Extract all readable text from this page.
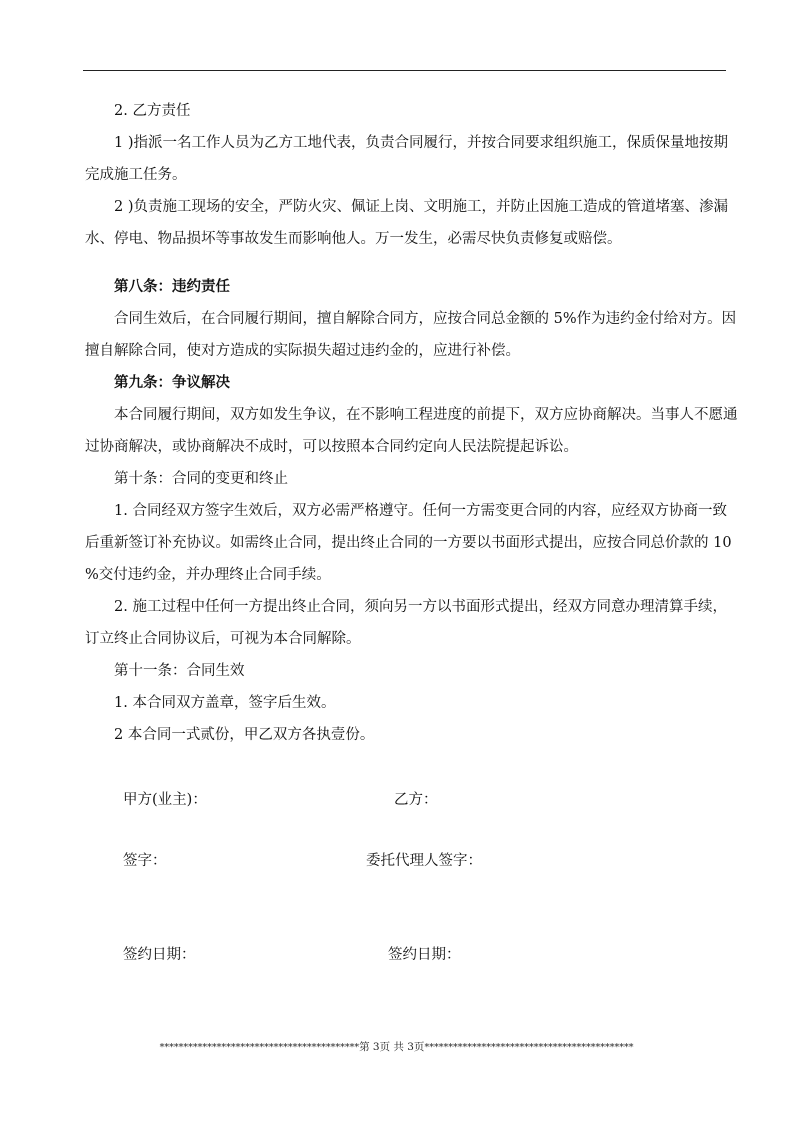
2. 乙方责任

1 )指派一名工作人员为乙方工地代表，负责合同履行，并按合同要求组织施工，保质保量地按期完成施工任务。

2 )负责施工现场的安全，严防火灾、佩证上岗、文明施工，并防止因施工造成的管道堵塞、渗漏水、停电、物品损坏等事故发生而影响他人。万一发生，必需尽快负责修复或赔偿。

第八条：违约责任

合同生效后，在合同履行期间，擅自解除合同方，应按合同总金额的 5%作为违约金付给对方。因擅自解除合同，使对方造成的实际损失超过违约金的，应进行补偿。

第九条：争议解决

本合同履行期间，双方如发生争议，在不影响工程进度的前提下，双方应协商解决。当事人不愿通过协商解决，或协商解决不成时，可以按照本合同约定向人民法院提起诉讼。

第十条：合同的变更和终止

1. 合同经双方签字生效后，双方必需严格遵守。任何一方需变更合同的内容，应经双方协商一致后重新签订补充协议。如需终止合同，提出终止合同的一方要以书面形式提出，应按合同总价款的 10 %交付违约金，并办理终止合同手续。

2. 施工过程中任何一方提出终止合同，须向另一方以书面形式提出，经双方同意办理清算手续，订立终止合同协议后，可视为本合同解除。

第十一条：合同生效

1. 本合同双方盖章，签字后生效。

2 本合同一式贰份，甲乙双方各执壹份。

甲方(业主)：	乙方：
签字：	委托代理人签字：
签约日期：	签约日期：
******************************************第 3页 共 3页********************************************
